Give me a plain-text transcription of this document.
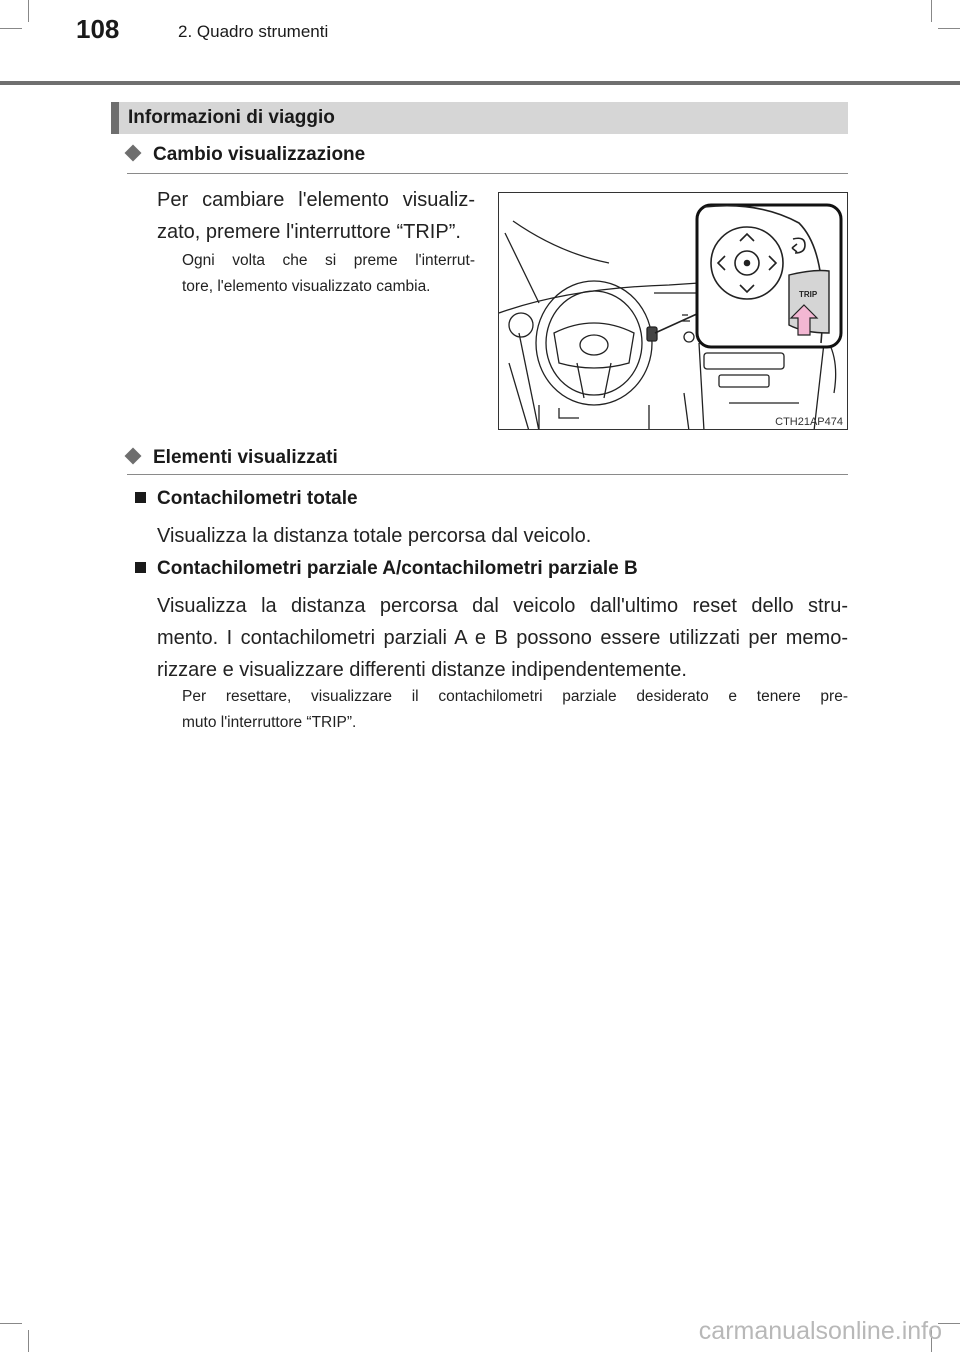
108	2. Quadro strumenti
Informazioni di viaggio
Cambio visualizzazione
Per cambiare l'elemento visualiz-
zato, premere l'interruttore “TRIP”.
Ogni volta che si preme l'interrut-
tore, l'elemento visualizzato cambia.	TRIP
CTH21AP474
Elementi visualizzati
Contachilometri totale
Visualizza la distanza totale percorsa dal veicolo.
Contachilometri parziale A/contachilometri parziale B
Visualizza la distanza percorsa dal veicolo dall'ultimo reset dello stru-
mento. I contachilometri parziali A e B possono essere utilizzati per memo-
rizzare e visualizzare differenti distanze indipendentemente.
Per resettare, visualizzare il contachilometri parziale desiderato e tenere pre-
muto l'interruttore “TRIP”.
carmanualsonline.info
